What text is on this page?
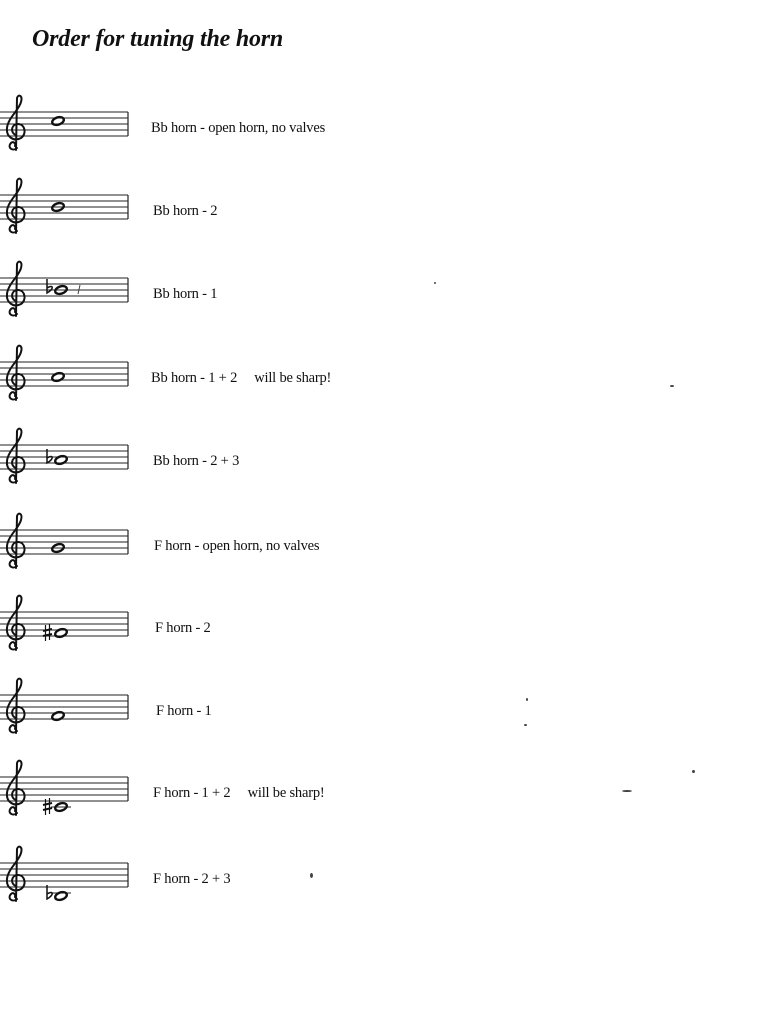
Order for tuning the horn
Bb horn - open horn, no valves
Bb horn - 2
Bb horn - 1
Bb horn - 1 + 2     will be sharp!
Bb horn - 2 + 3
F horn - open horn, no valves
F horn - 2
F horn - 1
F horn - 1 + 2     will be sharp!
F horn - 2 + 3
